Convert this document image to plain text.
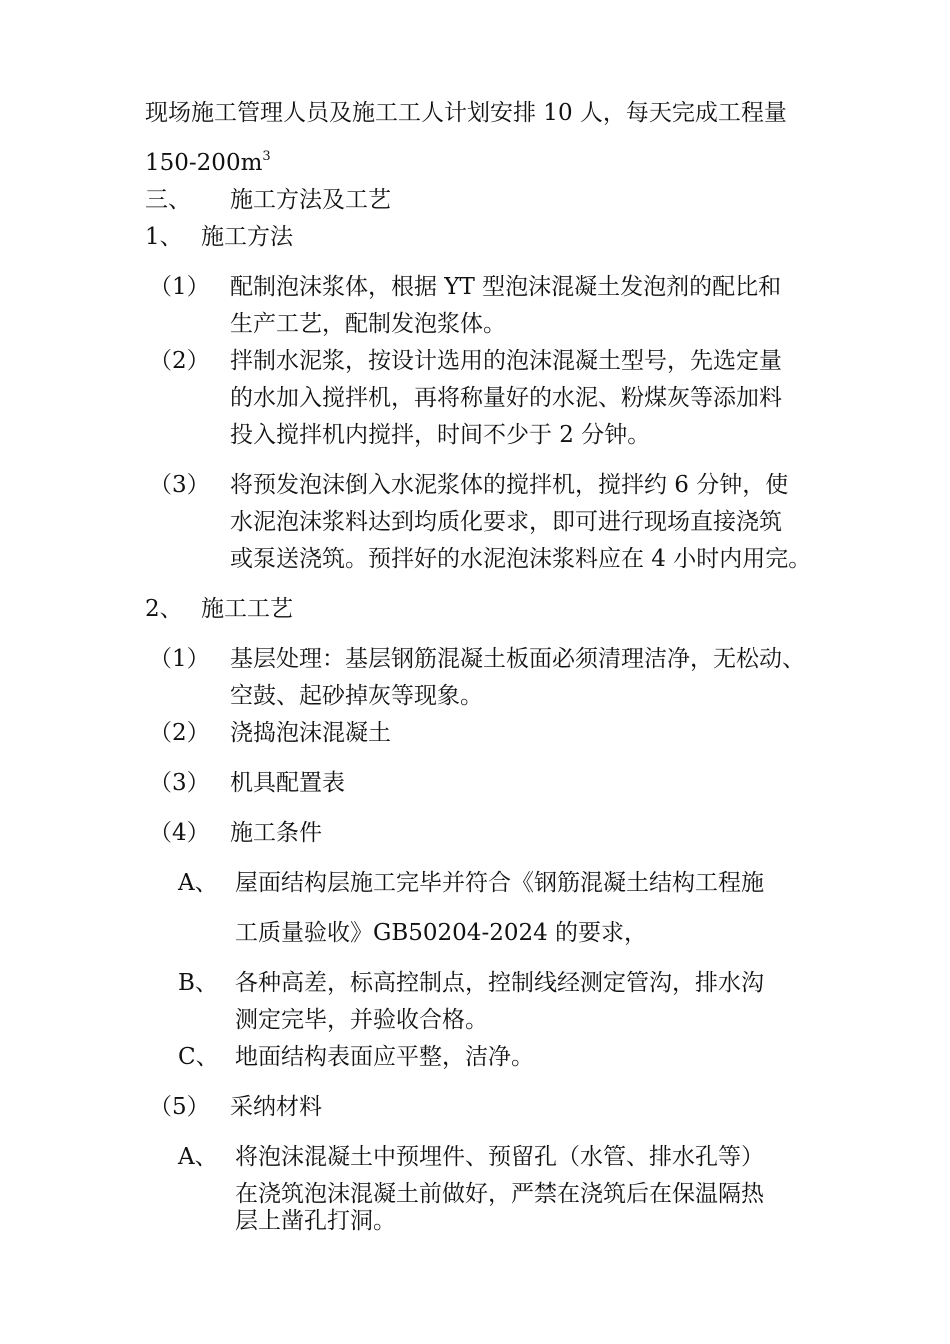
现场施工管理人员及施工工人计划安排 10 人，每天完成工程量
$150-200m^3$
三、 施工方法及工艺
1、 施工方法
（1） 配制泡沫浆体，根据 YT 型泡沫混凝土发泡剂的配比和
生产工艺，配制发泡浆体。
（2） 拌制水泥浆，按设计选用的泡沫混凝土型号，先选定量
的水加入搅拌机，再将称量好的水泥、粉煤灰等添加料
投入搅拌机内搅拌，时间不少于 2 分钟。
（3） 将预发泡沫倒入水泥浆体的搅拌机，搅拌约 6 分钟，使
水泥泡沫浆料达到均质化要求，即可进行现场直接浇筑
或泵送浇筑。预拌好的水泥泡沫浆料应在 4 小时内用完。
2、 施工工艺
（1） 基层处理：基层钢筋混凝土板面必须清理洁净，无松动、
空鼓、起砂掉灰等现象。
（2） 浇捣泡沫混凝土
（3） 机具配置表
（4） 施工条件
A、 屋面结构层施工完毕并符合《钢筋混凝土结构工程施
工质量验收》GB50204-2024 的要求，
B、 各种高差，标高控制点，控制线经测定管沟，排水沟
测定完毕，并验收合格。
C、 地面结构表面应平整，洁净。
（5） 采纳材料
A、 将泡沫混凝土中预埋件、预留孔（水管、排水孔等）
在浇筑泡沫混凝土前做好，严禁在浇筑后在保温隔热
层上凿孔打洞。
